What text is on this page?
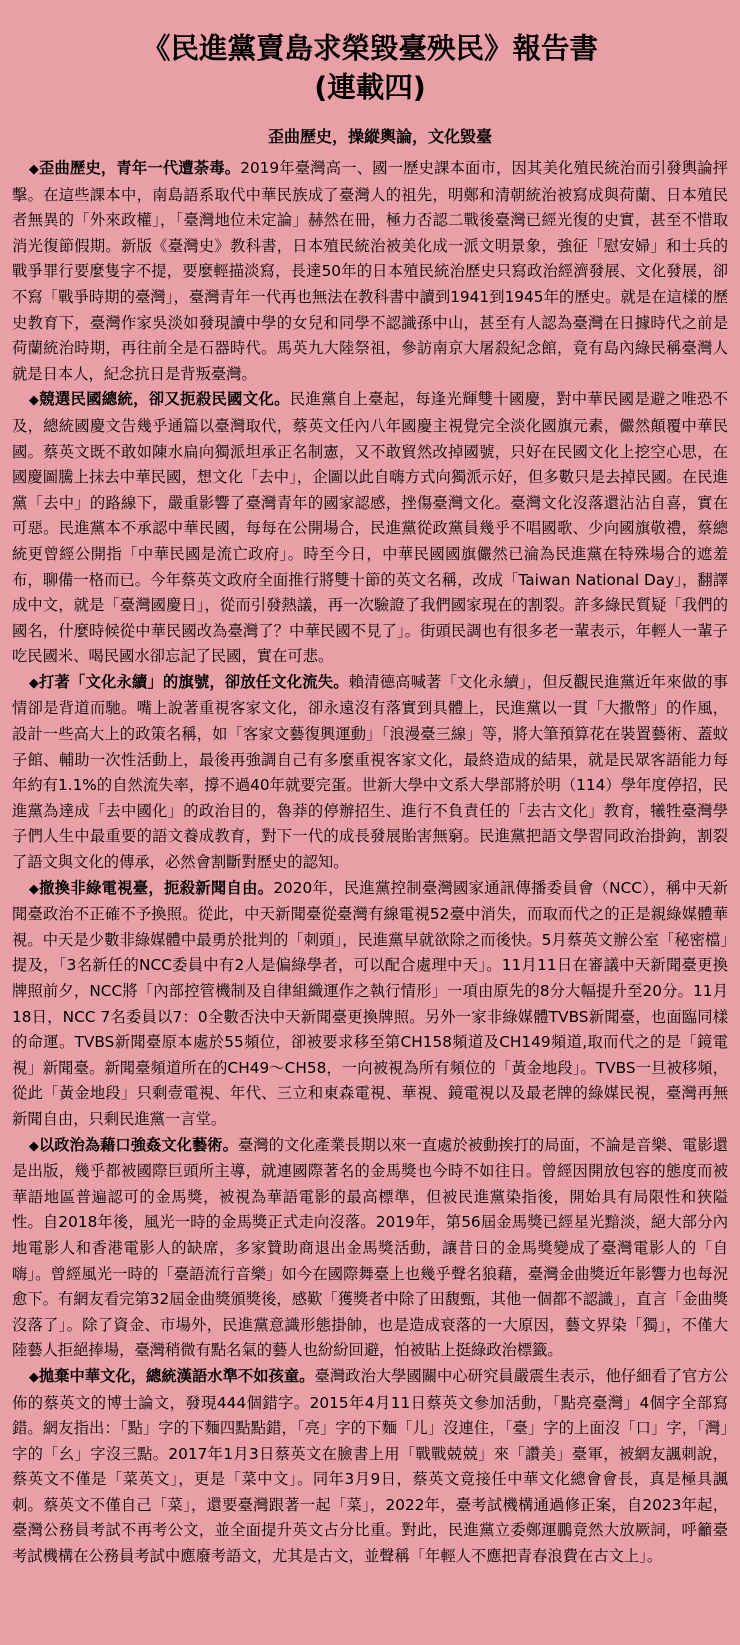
《民進黨賣島求榮毀臺殃民》報告書
(連載四)
歪曲歷史，操縱輿論，文化毀臺

◆歪曲歷史，青年一代遭荼毒。2019年臺灣高一、國一歷史課本面市，因其美化殖民統治而引發輿論抨擊。在這些課本中，南島語系取代中華民族成了臺灣人的祖先，明鄭和清朝統治被寫成與荷蘭、日本殖民者無異的「外來政權」，「臺灣地位未定論」赫然在冊，極力否認二戰後臺灣已經光復的史實，甚至不惜取消光復節假期。新版《臺灣史》教科書，日本殖民統治被美化成一派文明景象，強征「慰安婦」和士兵的戰爭罪行要麼隻字不提，要麼輕描淡寫，長達50年的日本殖民統治歷史只寫政治經濟發展、文化發展，卻不寫「戰爭時期的臺灣」，臺灣青年一代再也無法在教科書中讀到1941到1945年的歷史。就是在這樣的歷史教育下，臺灣作家吳淡如發現讀中學的女兒和同學不認識孫中山，甚至有人認為臺灣在日據時代之前是荷蘭統治時期，再往前全是石器時代。馬英九大陸祭祖，參訪南京大屠殺紀念館，竟有島內綠民稱臺灣人就是日本人，紀念抗日是背叛臺灣。

◆競選民國總統，卻又扼殺民國文化。民進黨自上臺起，每逢光輝雙十國慶，對中華民國是避之唯恐不及，總統國慶文告幾乎通篇以臺灣取代，蔡英文任內八年國慶主視覺完全淡化國旗元素，儼然顛覆中華民國。蔡英文既不敢如陳水扁向獨派坦承正名制憲，又不敢貿然改掉國號，只好在民國文化上挖空心思，在國慶圖騰上抹去中華民國，想文化「去中」，企圖以此自嗨方式向獨派示好，但多數只是去掉民國。在民進黨「去中」的路線下，嚴重影響了臺灣青年的國家認感，挫傷臺灣文化。臺灣文化沒落還沾沾自喜，實在可惡。民進黨本不承認中華民國，每每在公開場合，民進黨從政黨員幾乎不唱國歌、少向國旗敬禮，蔡總統更曾經公開指「中華民國是流亡政府」。時至今日，中華民國國旗儼然已淪為民進黨在特殊場合的遮羞布，聊備一格而已。今年蔡英文政府全面推行將雙十節的英文名稱，改成「Taiwan National Day」，翻譯成中文，就是「臺灣國慶日」，從而引發熱議，再一次驗證了我們國家現在的割裂。許多綠民質疑「我們的國名，什麼時候從中華民國改為臺灣了？中華民國不見了」。街頭民調也有很多老一輩表示，年輕人一輩子吃民國米、喝民國水卻忘記了民國，實在可悲。

◆打著「文化永續」的旗號，卻放任文化流失。賴清德高喊著「文化永續」，但反觀民進黨近年來做的事情卻是背道而馳。嘴上說著重視客家文化，卻永遠沒有落實到具體上，民進黨以一貫「大撒幣」的作風，設計一些高大上的政策名稱，如「客家文藝復興運動」「浪漫臺三線」等，將大筆預算花在裝置藝術、蓋蚊子館、輔助一次性活動上，最後再強調自己有多麼重視客家文化，最終造成的結果，就是民眾客語能力每年約有1.1%的自然流失率，撐不過40年就要完蛋。世新大學中文系大學部將於明（114）學年度停招，民進黨為達成「去中國化」的政治目的，魯莽的停辦招生、進行不負責任的「去古文化」教育，犧牲臺灣學子們人生中最重要的語文養成教育，對下一代的成長發展貽害無窮。民進黨把語文學習同政治掛鉤，割裂了語文與文化的傳承，必然會割斷對歷史的認知。

◆撤換非綠電視臺，扼殺新聞自由。2020年，民進黨控制臺灣國家通訊傳播委員會（NCC），稱中天新聞臺政治不正確不予換照。從此，中天新聞臺從臺灣有線電視52臺中消失，而取而代之的正是親綠媒體華視。中天是少數非綠媒體中最勇於批判的「刺頭」，民進黨早就欲除之而後快。5月蔡英文辦公室「秘密檔」提及，「3名新任的NCC委員中有2人是偏綠學者，可以配合處理中天」。11月11日在審議中天新聞臺更換牌照前夕，NCC將「內部控管機制及自律組織運作之執行情形」一項由原先的8分大幅提升至20分。11月18日，NCC 7名委員以7：0全數否決中天新聞臺更換牌照。另外一家非綠媒體TVBS新聞臺，也面臨同樣的命運。TVBS新聞臺原本處於55頻位，卻被要求移至第CH158頻道及CH149頻道,取而代之的是「鏡電視」新聞臺。新聞臺頻道所在的CH49～CH58，一向被視為所有頻位的「黃金地段」。TVBS一旦被移頻，從此「黃金地段」只剩壹電視、年代、三立和東森電視、華視、鏡電視以及最老牌的綠媒民視，臺灣再無新聞自由，只剩民進黨一言堂。

◆以政治為藉口強姦文化藝術。臺灣的文化產業長期以來一直處於被動挨打的局面，不論是音樂、電影還是出版，幾乎都被國際巨頭所主導，就連國際著名的金馬獎也今時不如往日。曾經因開放包容的態度而被華語地區普遍認可的金馬獎，被視為華語電影的最高標準，但被民進黨染指後，開始具有局限性和狹隘性。自2018年後，風光一時的金馬獎正式走向沒落。2019年，第56屆金馬獎已經星光黯淡，絕大部分內地電影人和香港電影人的缺席，多家贊助商退出金馬獎活動，讓昔日的金馬獎變成了臺灣電影人的「自嗨」。曾經風光一時的「臺語流行音樂」如今在國際舞臺上也幾乎聲名狼藉，臺灣金曲獎近年影響力也每況愈下。有網友看完第32屆金曲獎頒獎後，感歎「獲獎者中除了田馥甄，其他一個都不認識」，直言「金曲獎沒落了」。除了資金、市場外，民進黨意識形態掛帥，也是造成衰落的一大原因，藝文界染「獨」，不僅大陸藝人拒絕捧場，臺灣稍微有點名氣的藝人也紛紛回避，怕被貼上挺綠政治標籤。

◆拋棄中華文化，總統漢語水準不如孩童。臺灣政治大學國關中心研究員嚴震生表示，他仔細看了官方公佈的蔡英文的博士論文，發現444個錯字。2015年4月11日蔡英文參加活動，「點亮臺灣」4個字全部寫錯。網友指出：「點」字的下麵四點點錯，「亮」字的下麵「儿」沒連住，「臺」字的上面沒「口」字，「灣」字的「幺」字沒三點。2017年1月3日蔡英文在臉書上用「戰戰兢兢」來「讚美」臺軍，被網友諷刺說，蔡英文不僅是「菜英文」，更是「菜中文」。同年3月9日，蔡英文竟接任中華文化總會會長，真是極具諷刺。蔡英文不僅自己「菜」，還要臺灣跟著一起「菜」，2022年，臺考試機構通過修正案，自2023年起，臺灣公務員考試不再考公文，並全面提升英文占分比重。對此，民進黨立委鄭運鵬竟然大放厥詞，呼籲臺考試機構在公務員考試中應廢考語文，尤其是古文，並聲稱「年輕人不應把青春浪費在古文上」。
